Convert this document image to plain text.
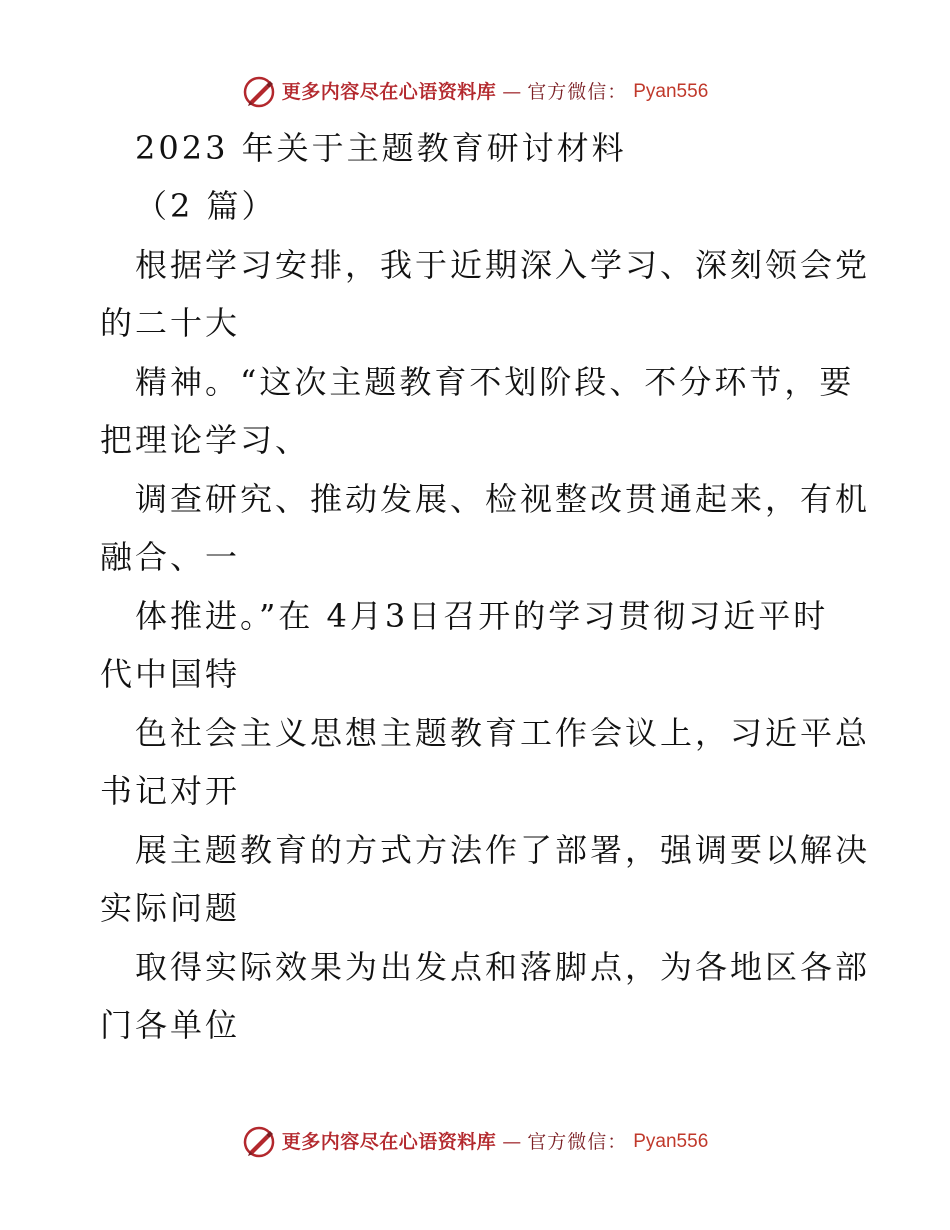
更多内容尽在心语资料库 — 官方微信： Pyan556
2023 年关于主题教育研讨材料
（2 篇）
根据学习安排，我于近期深入学习、深刻领会党
的二十大
精神。“这次主题教育不划阶段、不分环节，要
把理论学习、
调查研究、推动发展、检视整改贯通起来，有机
融合、一
体推进。”在 4月3日召开的学习贯彻习近平时
代中国特
色社会主义思想主题教育工作会议上，习近平总
书记对开
展主题教育的方式方法作了部署，强调要以解决
实际问题
取得实际效果为出发点和落脚点，为各地区各部
门各单位
更多内容尽在心语资料库 — 官方微信： Pyan556
